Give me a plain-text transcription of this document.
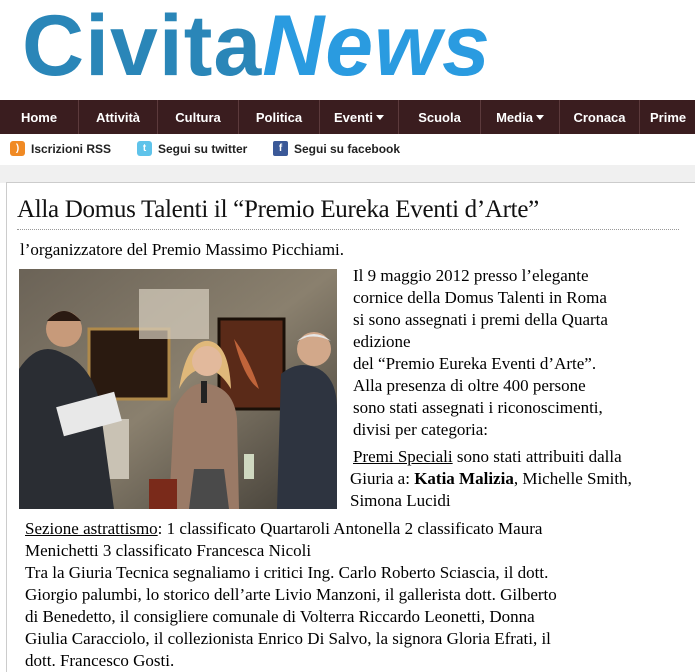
CivitaNews
Home	Attività	Cultura	Politica Eventi	Scuola	Media	Cronaca Prime
) Iscrizioni RSS	t Segui su twitter	f Segui su facebook
Alla Domus Talenti il “Premio Eureka Eventi d’Arte”
l’organizzatore del Premio Massimo Picchiami.
Il 9 maggio 2012 presso l’elegante
cornice della Domus Talenti in Roma
si sono assegnati i premi della Quarta
edizione
del “Premio Eureka Eventi d’Arte”.
Alla presenza di oltre 400 persone
sono stati assegnati i riconoscimenti,
divisi per categoria:
Premi Speciali sono stati attribuiti dalla
Giuria a: Katia Malizia, Michelle Smith,
Simona Lucidi
Sezione astrattismo: 1 classificato Quartaroli Antonella 2 classificato Maura
Menichetti 3 classificato Francesca Nicoli
Tra la Giuria Tecnica segnaliamo i critici Ing. Carlo Roberto Sciascia, il dott.
Giorgio palumbi, lo storico dell’arte Livio Manzoni, il gallerista dott. Gilberto
di Benedetto, il consigliere comunale di Volterra Riccardo Leonetti, Donna
Giulia Caracciolo, il collezionista Enrico Di Salvo, la signora Gloria Efrati, il
dott. Francesco Gosti.
